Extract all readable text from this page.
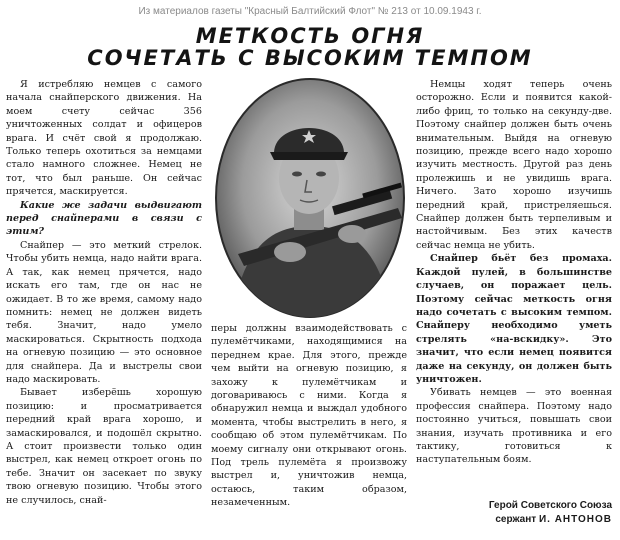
Из материалов газеты "Красный Балтийский Флот" № 213 от 10.09.1943 г.
МЕТКОСТЬ ОГНЯ
СОЧЕТАТЬ С ВЫСОКИМ ТЕМПОМ

Я истребляю немцев с самого начала снайперского движения. На моем счету сейчас 356 уничтоженных солдат и офицеров врага. И счёт свой я продолжаю. Только теперь охотиться за немцами стало намного сложнее. Немец не тот, что был раньше. Он сейчас прячется, маскируется.

Какие же задачи выдвигают перед снайперами в связи с этим?

Снайпер — это меткий стрелок. Чтобы убить немца, надо найти врага. А так, как немец прячется, надо искать его там, где он нас не ожидает. В то же время, самому надо помнить: немец не должен видеть тебя. Значит, надо умело маскироваться. Скрытность подхода на огневую позицию — это основное для снайпера. Да и выстрелы свои надо маскировать.

Бывает изберёшь хорошую позицию: и просматривается передний край врага хорошо, и замаскировался, и подошёл скрытно. А стоит произвести только один выстрел, как немец откроет огонь по тебе. Значит он засекает по звуку твою огневую позицию. Чтобы этого не случилось, снай-

перы должны взаимодействовать с пулемётчиками, находящимися на переднем крае. Для этого, прежде чем выйти на огневую позицию, я захожу к пулемётчикам и договариваюсь с ними. Когда я обнаружил немца и выждал удобного момента, чтобы выстрелить в него, я сообщаю об этом пулемётчикам. По моему сигналу они открывают огонь. Под трель пулемёта я произвожу выстрел и, уничтожив немца, остаюсь, таким образом, незамеченным.

Немцы ходят теперь очень осторожно. Если и появится какой-либо фриц, то только на секунду-две. Поэтому снайпер должен быть очень внимательным. Выйдя на огневую позицию, прежде всего надо хорошо изучить местность. Другой раз день пролежишь и не увидишь врага. Ничего. Зато хорошо изучишь передний край, пристреляешься. Снайпер должен быть терпеливым и настойчивым. Без этих качеств сейчас немца не убить.

Снайпер бьёт без промаха. Каждой пулей, в большинстве случаев, он поражает цель. Поэтому сейчас меткость огня надо сочетать с высоким темпом. Снайперу необходимо уметь стрелять «на-вскидку». Это значит, что если немец появится даже на секунду, он должен быть уничтожен.

Убивать немцев — это военная профессия снайпера. Поэтому надо постоянно учиться, повышать свои знания, изучать противника и его тактику, готовиться к наступательным боям.

Герой Советского Союза
сержант И. АНТОНОВ
